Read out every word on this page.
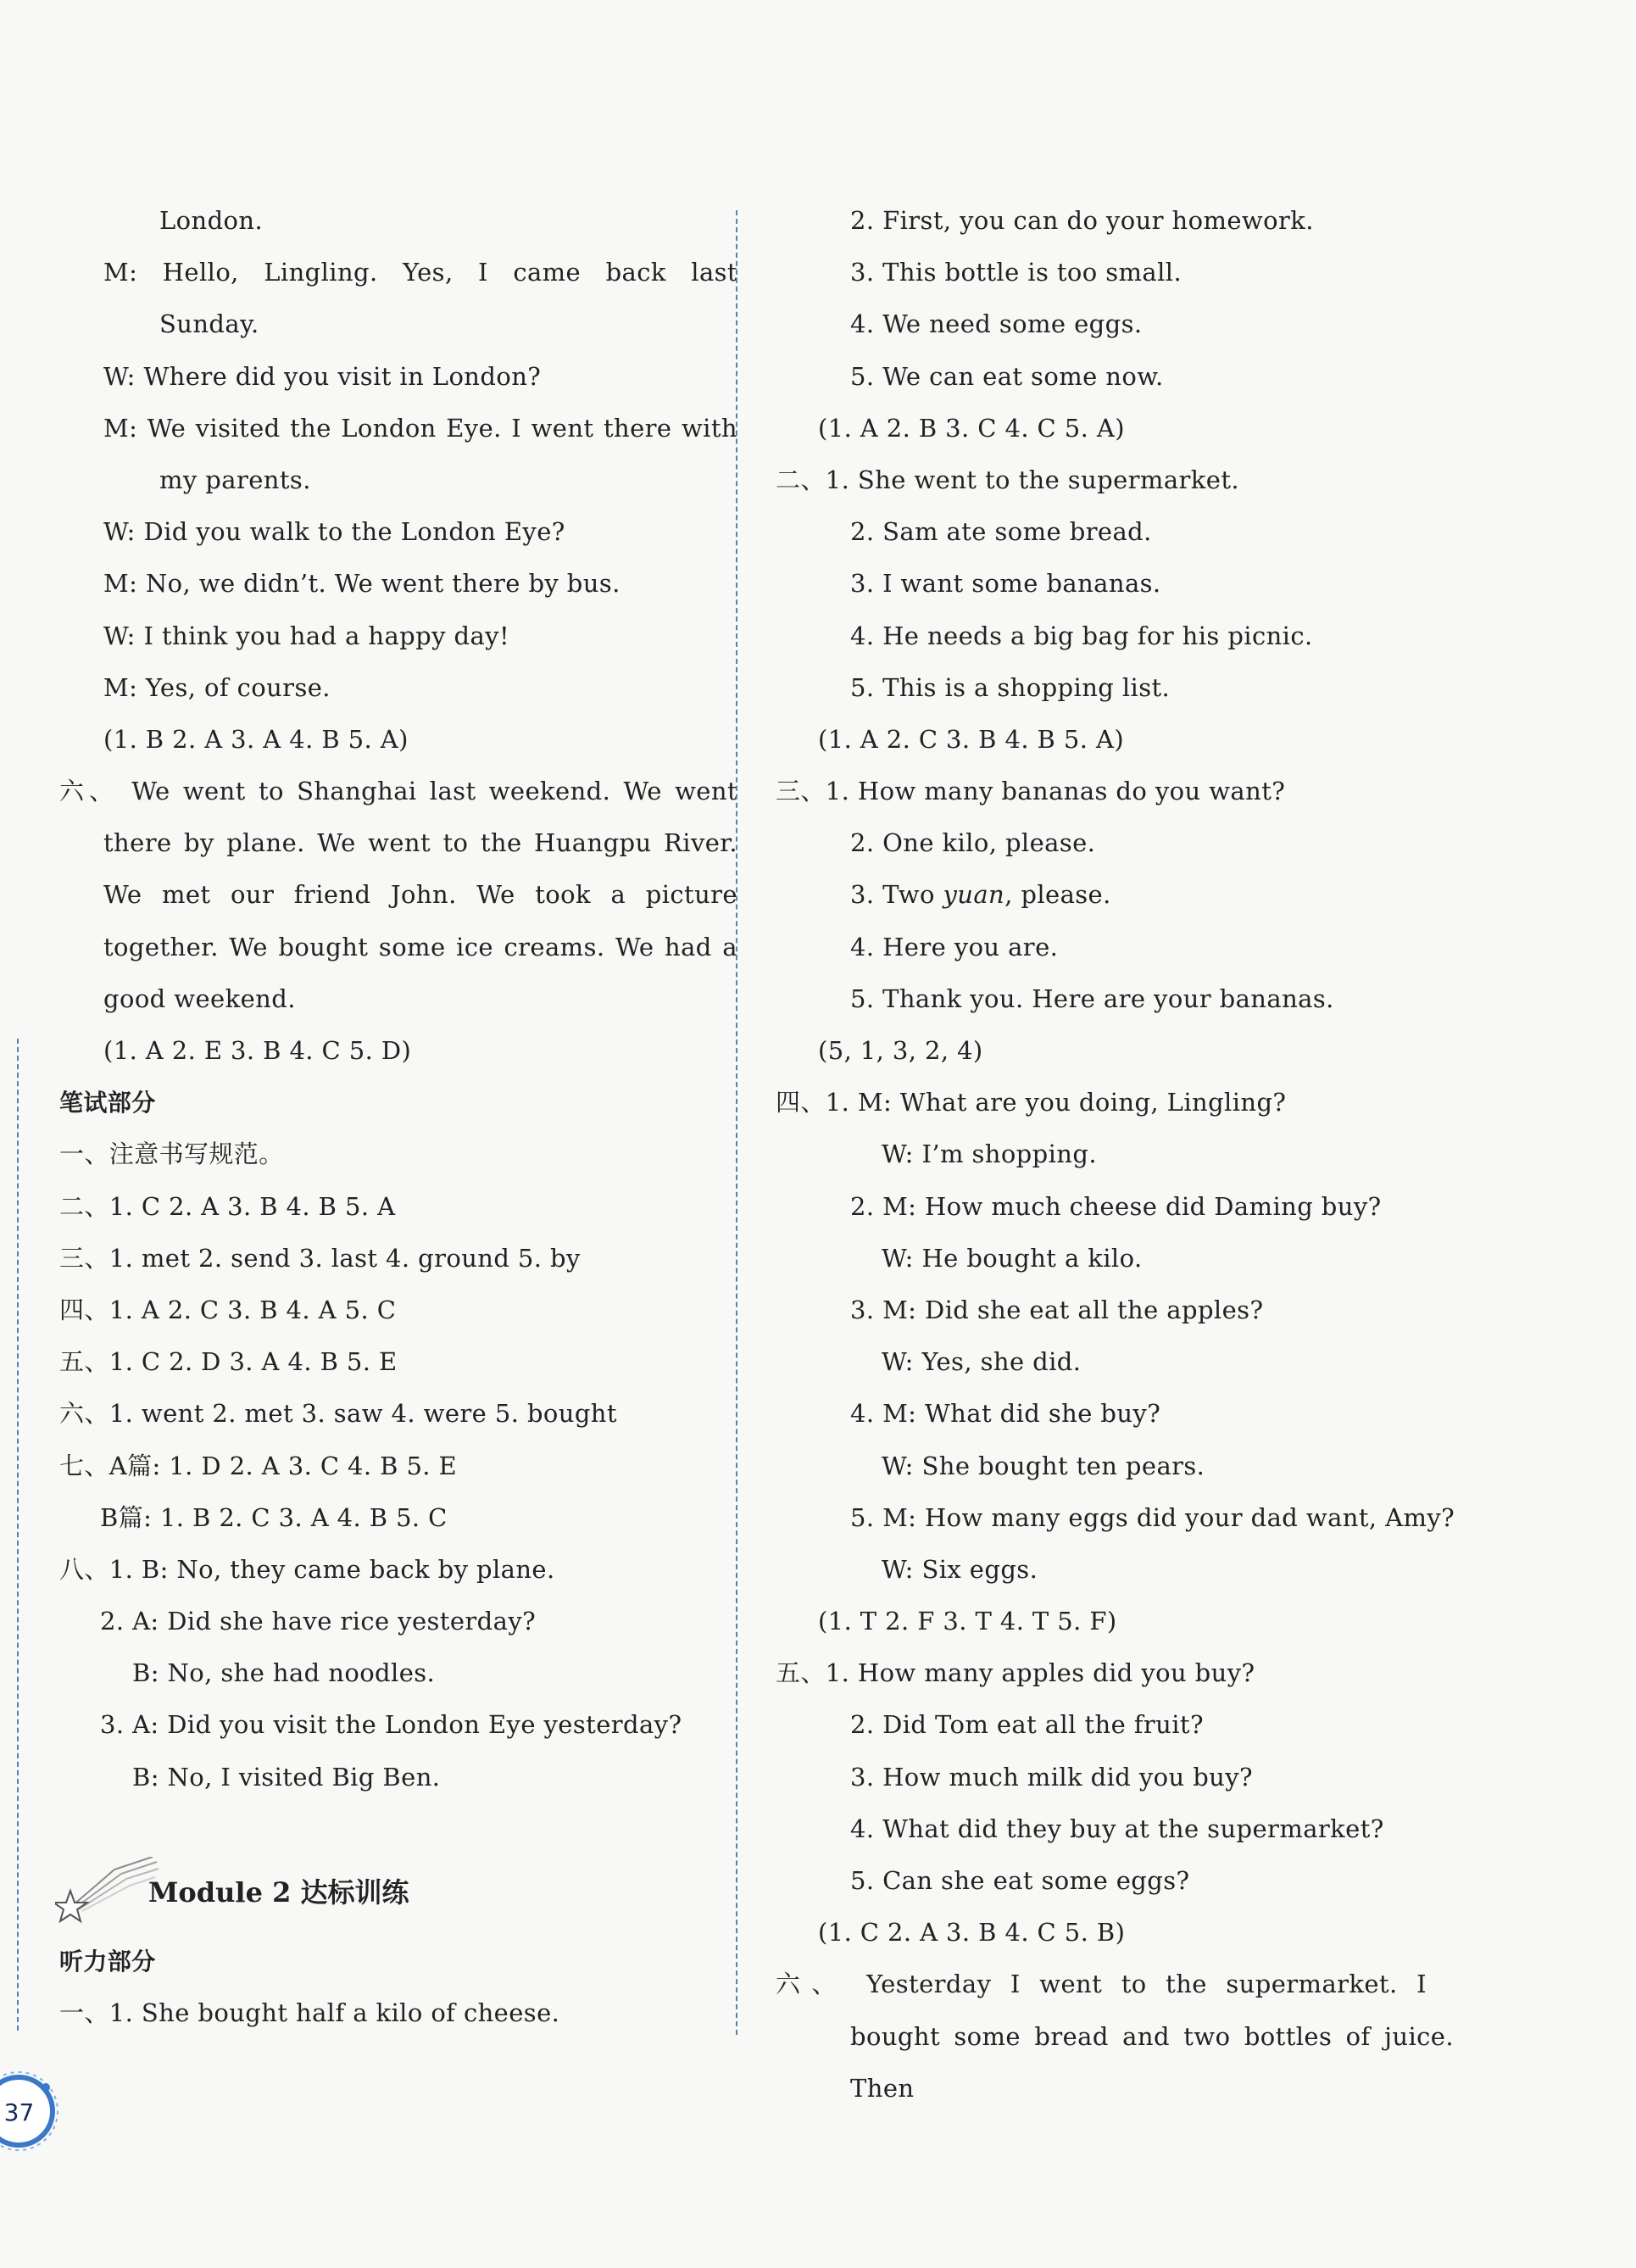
London.
M: Hello, Lingling. Yes, I came back last
Sunday.
W: Where did you visit in London?
M: We visited the London Eye. I went there with
my parents.
W: Did you walk to the London Eye?
M: No, we didn’t. We went there by bus.
W: I think you had a happy day!
M: Yes, of course.
(1. B 2. A 3. A 4. B 5. A)
六、 We went to Shanghai last weekend. We went
there by plane. We went to the Huangpu River.
We met our friend John. We took a picture
together. We bought some ice creams. We had a
good weekend.
(1. A 2. E 3. B 4. C 5. D)
笔试部分
一、注意书写规范。
二、1. C 2. A 3. B 4. B 5. A
三、1. met 2. send 3. last 4. ground 5. by
四、1. A 2. C 3. B 4. A 5. C
五、1. C 2. D 3. A 4. B 5. E
六、1. went 2. met 3. saw 4. were 5. bought
七、A篇: 1. D 2. A 3. C 4. B 5. E
B篇: 1. B 2. C 3. A 4. B 5. C
八、1. B: No, they came back by plane.
2. A: Did she have rice yesterday?
B: No, she had noodles.
3. A: Did you visit the London Eye yesterday?
B: No, I visited Big Ben.
Module 2 达标训练
听力部分
一、1. She bought half a kilo of cheese.
2. First, you can do your homework.
3. This bottle is too small.
4. We need some eggs.
5. We can eat some now.
(1. A 2. B 3. C 4. C 5. A)
二、1. She went to the supermarket.
2. Sam ate some bread.
3. I want some bananas.
4. He needs a big bag for his picnic.
5. This is a shopping list.
(1. A 2. C 3. B 4. B 5. A)
三、1. How many bananas do you want?
2. One kilo, please.
3. Two yuan, please.
4. Here you are.
5. Thank you. Here are your bananas.
(5, 1, 3, 2, 4)
四、1. M: What are you doing, Lingling?
W: I’m shopping.
2. M: How much cheese did Daming buy?
W: He bought a kilo.
3. M: Did she eat all the apples?
W: Yes, she did.
4. M: What did she buy?
W: She bought ten pears.
5. M: How many eggs did your dad want, Amy?
W: Six eggs.
(1. T 2. F 3. T 4. T 5. F)
五、1. How many apples did you buy?
2. Did Tom eat all the fruit?
3. How much milk did you buy?
4. What did they buy at the supermarket?
5. Can she eat some eggs?
(1. C 2. A 3. B 4. C 5. B)
六、 Yesterday I went to the supermarket. I
bought some bread and two bottles of juice. Then
37
